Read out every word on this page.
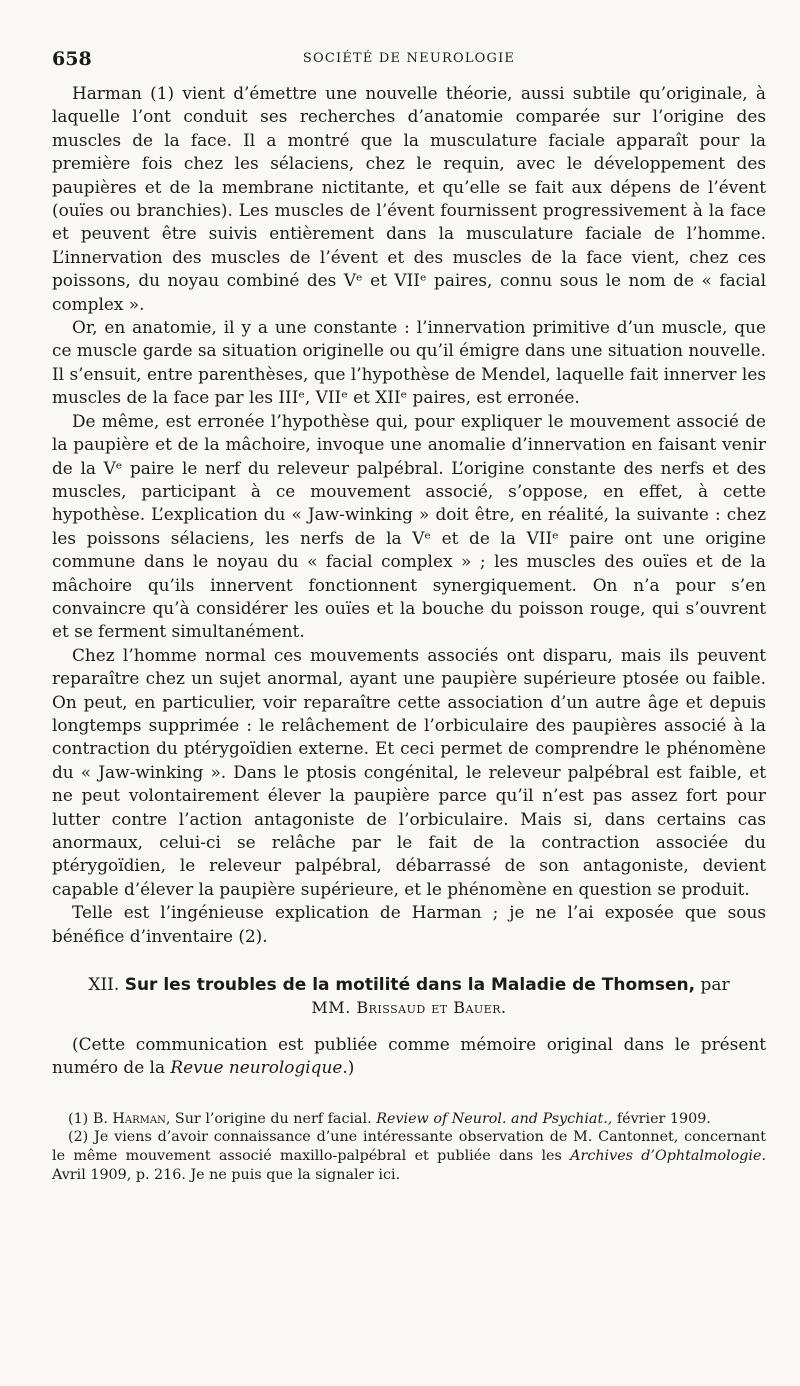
658	SOCIÉTÉ DE NEUROLOGIE

Harman (1) vient d’émettre une nouvelle théorie, aussi subtile qu’originale, à laquelle l’ont conduit ses recherches d’anatomie comparée sur l’origine des muscles de la face. Il a montré que la musculature faciale apparaît pour la première fois chez les sélaciens, chez le requin, avec le développement des paupières et de la membrane nictitante, et qu’elle se fait aux dépens de l’évent (ouïes ou branchies). Les muscles de l’évent fournissent progressivement à la face et peuvent être suivis entièrement dans la musculature faciale de l’homme. L’innervation des muscles de l’évent et des muscles de la face vient, chez ces poissons, du noyau combiné des Vᵉ et VIIᵉ paires, connu sous le nom de « facial complex ».

Or, en anatomie, il y a une constante : l’innervation primitive d’un muscle, que ce muscle garde sa situation originelle ou qu’il émigre dans une situation nouvelle. Il s’ensuit, entre parenthèses, que l’hypothèse de Mendel, laquelle fait innerver les muscles de la face par les IIIᵉ, VIIᵉ et XIIᵉ paires, est erronée.

De même, est erronée l’hypothèse qui, pour expliquer le mouvement associé de la paupière et de la mâchoire, invoque une anomalie d’innervation en faisant venir de la Vᵉ paire le nerf du releveur palpébral. L’origine constante des nerfs et des muscles, participant à ce mouvement associé, s’oppose, en effet, à cette hypothèse. L’explication du « Jaw-winking » doit être, en réalité, la suivante : chez les poissons sélaciens, les nerfs de la Vᵉ et de la VIIᵉ paire ont une origine commune dans le noyau du « facial complex » ; les muscles des ouïes et de la mâchoire qu’ils innervent fonctionnent synergiquement. On n’a pour s’en convaincre qu’à considérer les ouïes et la bouche du poisson rouge, qui s’ouvrent et se ferment simultanément.

Chez l’homme normal ces mouvements associés ont disparu, mais ils peuvent reparaître chez un sujet anormal, ayant une paupière supérieure ptosée ou faible. On peut, en particulier, voir reparaître cette association d’un autre âge et depuis longtemps supprimée : le relâchement de l’orbiculaire des paupières associé à la contraction du ptérygoïdien externe. Et ceci permet de comprendre le phénomène du « Jaw-winking ». Dans le ptosis congénital, le releveur palpébral est faible, et ne peut volontairement élever la paupière parce qu’il n’est pas assez fort pour lutter contre l’action antagoniste de l’orbiculaire. Mais si, dans certains cas anormaux, celui-ci se relâche par le fait de la contraction associée du ptérygoïdien, le releveur palpébral, débarrassé de son antagoniste, devient capable d’élever la paupière supérieure, et le phénomène en question se produit.

Telle est l’ingénieuse explication de Harman ; je ne l’ai exposée que sous bénéfice d’inventaire (2).

XII. Sur les troubles de la motilité dans la Maladie de Thomsen, par
MM. Brissaud et Bauer.
(Cette communication est publiée comme mémoire original dans le présent numéro de la Revue neurologique.)

(1) B. Harman, Sur l’origine du nerf facial. Review of Neurol. and Psychiat., février 1909.

(2) Je viens d’avoir connaissance d’une intéressante observation de M. Cantonnet, concernant le même mouvement associé maxillo-palpébral et publiée dans les Archives d’Ophtalmologie. Avril 1909, p. 216. Je ne puis que la signaler ici.
